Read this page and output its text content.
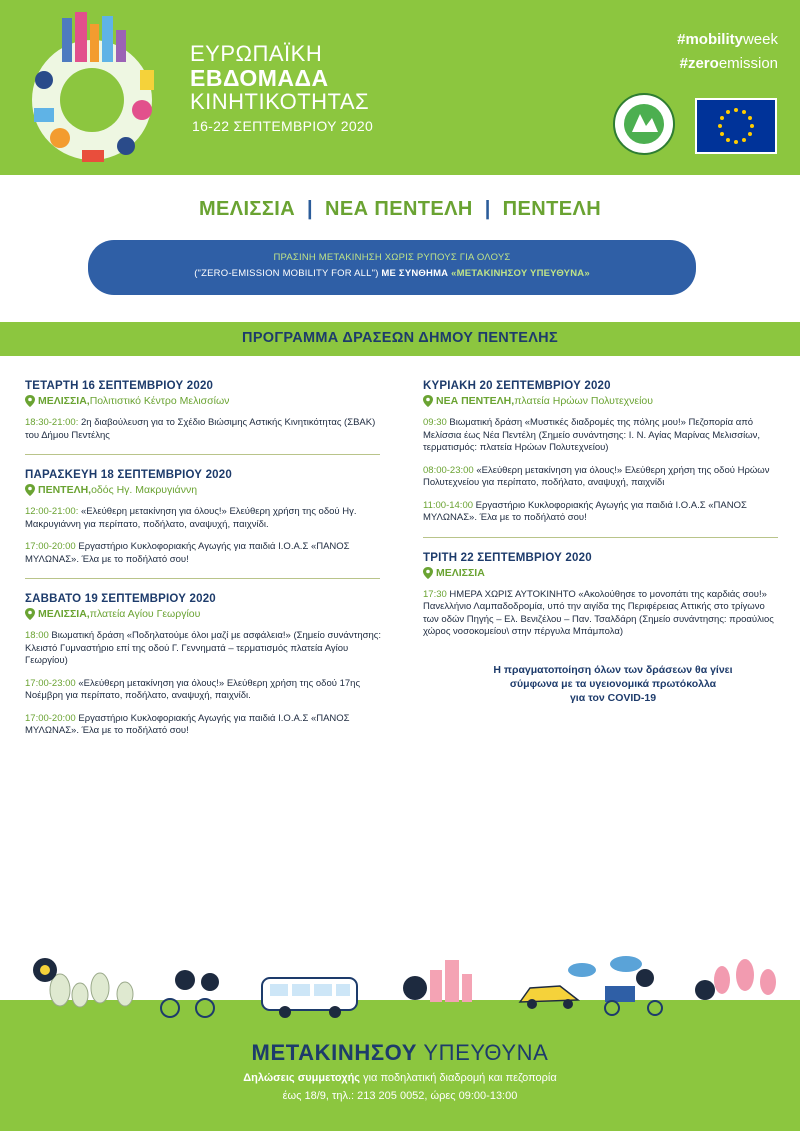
ΕΥΡΩΠΑΪΚΗ
ΕΒΔΟΜΑΔΑ
ΚΙΝΗΤΙΚΟΤΗΤΑΣ
16-22 ΣΕΠΤΕΜΒΡΙΟΥ 2020
#mobilityweek
#zeroemission
ΜΕΛΙΣΣΙΑ | ΝΕΑ ΠΕΝΤΕΛΗ | ΠΕΝΤΕΛΗ
ΠΡΑΣΙΝΗ ΜΕΤΑΚΙΝΗΣΗ ΧΩΡΙΣ ΡΥΠΟΥΣ ΓΙΑ ΟΛΟΥΣ
("ZERO-EMISSION MOBILITY FOR ALL") ΜΕ ΣΥΝΘΗΜΑ «ΜΕΤΑΚΙΝΗΣΟΥ ΥΠΕΥΘΥΝΑ»
ΠΡΟΓΡΑΜΜΑ ΔΡΑΣΕΩΝ ΔΗΜΟΥ ΠΕΝΤΕΛΗΣ
ΤΕΤΑΡΤΗ 16 ΣΕΠΤΕΜΒΡΙΟΥ 2020
ΜΕΛΙΣΣΙΑ, Πολιτιστικό Κέντρο Μελισσίων
18:30-21:00: 2η διαβούλευση για το Σχέδιο Βιώσιμης Αστικής Κινητικότητας (ΣΒΑΚ) του Δήμου Πεντέλης
ΠΑΡΑΣΚΕΥΗ 18 ΣΕΠΤΕΜΒΡΙΟΥ 2020
ΠΕΝΤΕΛΗ, οδός Ηγ. Μακρυγιάννη
12:00-21:00: «Ελεύθερη μετακίνηση για όλους!» Ελεύθερη χρήση της οδού Ηγ. Μακρυγιάννη για περίπατο, ποδήλατο, αναψυχή, παιχνίδι.
17:00-20:00 Εργαστήριο Κυκλοφοριακής Αγωγής για παιδιά Ι.Ο.Α.Σ «ΠΑΝΟΣ ΜΥΛΩΝΑΣ». Έλα με το ποδήλατό σου!
ΣΑΒΒΑΤΟ 19 ΣΕΠΤΕΜΒΡΙΟΥ 2020
ΜΕΛΙΣΣΙΑ, πλατεία Αγίου Γεωργίου
18:00 Βιωματική δράση «Ποδηλατούμε όλοι μαζί με ασφάλεια!» (Σημείο συνάντησης: Κλειστό Γυμναστήριο επί της οδού Γ. Γεννηματά – τερματισμός πλατεία Αγίου Γεωργίου)
17:00-23:00 «Ελεύθερη μετακίνηση για όλους!» Ελεύθερη χρήση της οδού 17ης Νοέμβρη για περίπατο, ποδήλατο, αναψυχή, παιχνίδι.
17:00-20:00 Εργαστήριο Κυκλοφοριακής Αγωγής για παιδιά Ι.Ο.Α.Σ «ΠΑΝΟΣ ΜΥΛΩΝΑΣ». Έλα με το ποδήλατό σου!
ΚΥΡΙΑΚΗ 20 ΣΕΠΤΕΜΒΡΙΟΥ 2020
ΝΕΑ ΠΕΝΤΕΛΗ, πλατεία Ηρώων Πολυτεχνείου
09:30 Βιωματική δράση «Μυστικές διαδρομές της πόλης μου!» Πεζοπορία από Μελίσσια έως Νέα Πεντέλη (Σημείο συνάντησης: Ι. Ν. Αγίας Μαρίνας Μελισσίων, τερματισμός: πλατεία Ηρώων Πολυτεχνείου)
08:00-23:00 «Ελεύθερη μετακίνηση για όλους!» Ελεύθερη χρήση της οδού Ηρώων Πολυτεχνείου για περίπατο, ποδήλατο, αναψυχή, παιχνίδι
11:00-14:00 Εργαστήριο Κυκλοφοριακής Αγωγής για παιδιά Ι.Ο.Α.Σ «ΠΑΝΟΣ ΜΥΛΩΝΑΣ». Έλα με το ποδήλατό σου!
ΤΡΙΤΗ 22 ΣΕΠΤΕΜΒΡΙΟΥ 2020
ΜΕΛΙΣΣΙΑ
17:30 ΗΜΕΡΑ ΧΩΡΙΣ ΑΥΤΟΚΙΝΗΤΟ «Ακολούθησε το μονοπάτι της καρδιάς σου!» Πανελλήνιο Λαμπαδοδρομία, υπό την αιγίδα της Περιφέρειας Αττικής στο τρίγωνο των οδών Πηγής – Ελ. Βενιζέλου – Παν. Τσαλδάρη (Σημείο συνάντησης: προαύλιος χώρος νοσοκομείου\ στην πέργυλα Μπάμπολα)
Η πραγματοποίηση όλων των δράσεων θα γίνει
σύμφωνα με τα υγειονομικά πρωτόκολλα
για τον COVID-19
ΜΕΤΑΚΙΝΗΣΟΥ ΥΠΕΥΘΥΝΑ
Δηλώσεις συμμετοχής για ποδηλατική διαδρομή και πεζοπορία
έως 18/9, τηλ.: 213 205 0052, ώρες 09:00-13:00
